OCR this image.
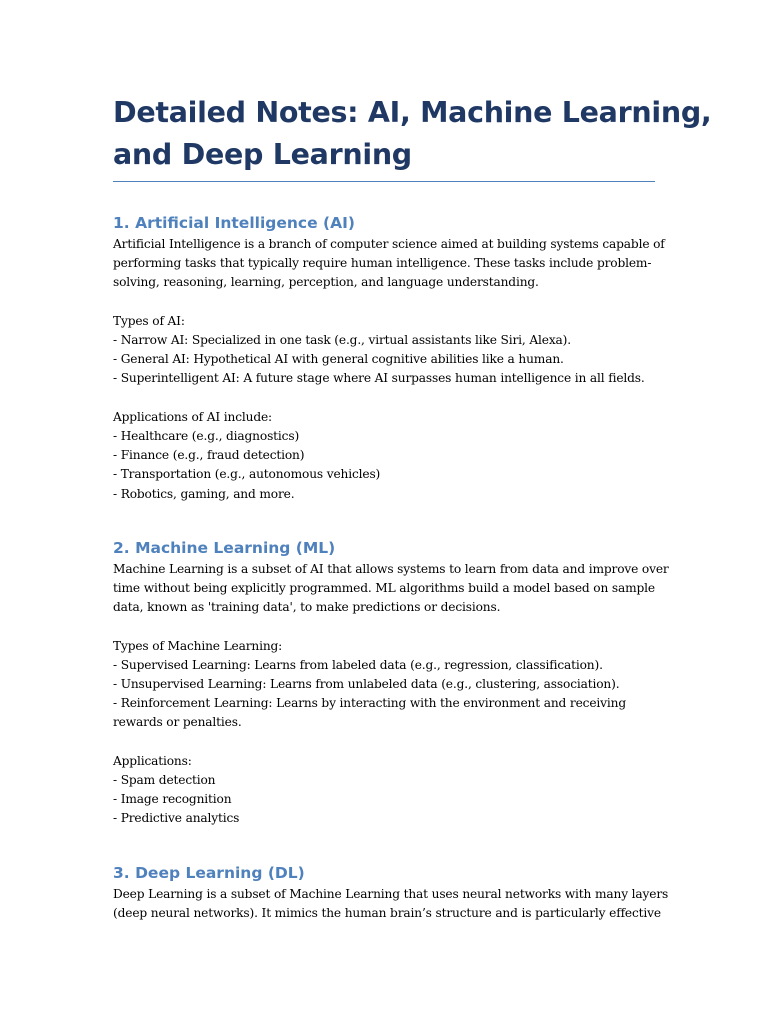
Detailed Notes: AI, Machine Learning,
and Deep Learning
1. Artificial Intelligence (AI)
Artificial Intelligence is a branch of computer science aimed at building systems capable of
performing tasks that typically require human intelligence. These tasks include problem-
solving, reasoning, learning, perception, and language understanding.
Types of AI:
- Narrow AI: Specialized in one task (e.g., virtual assistants like Siri, Alexa).
- General AI: Hypothetical AI with general cognitive abilities like a human.
- Superintelligent AI: A future stage where AI surpasses human intelligence in all fields.
Applications of AI include:
- Healthcare (e.g., diagnostics)
- Finance (e.g., fraud detection)
- Transportation (e.g., autonomous vehicles)
- Robotics, gaming, and more.
2. Machine Learning (ML)
Machine Learning is a subset of AI that allows systems to learn from data and improve over
time without being explicitly programmed. ML algorithms build a model based on sample
data, known as 'training data', to make predictions or decisions.
Types of Machine Learning:
- Supervised Learning: Learns from labeled data (e.g., regression, classification).
- Unsupervised Learning: Learns from unlabeled data (e.g., clustering, association).
- Reinforcement Learning: Learns by interacting with the environment and receiving
rewards or penalties.
Applications:
- Spam detection
- Image recognition
- Predictive analytics
3. Deep Learning (DL)
Deep Learning is a subset of Machine Learning that uses neural networks with many layers
(deep neural networks). It mimics the human brain’s structure and is particularly effective
